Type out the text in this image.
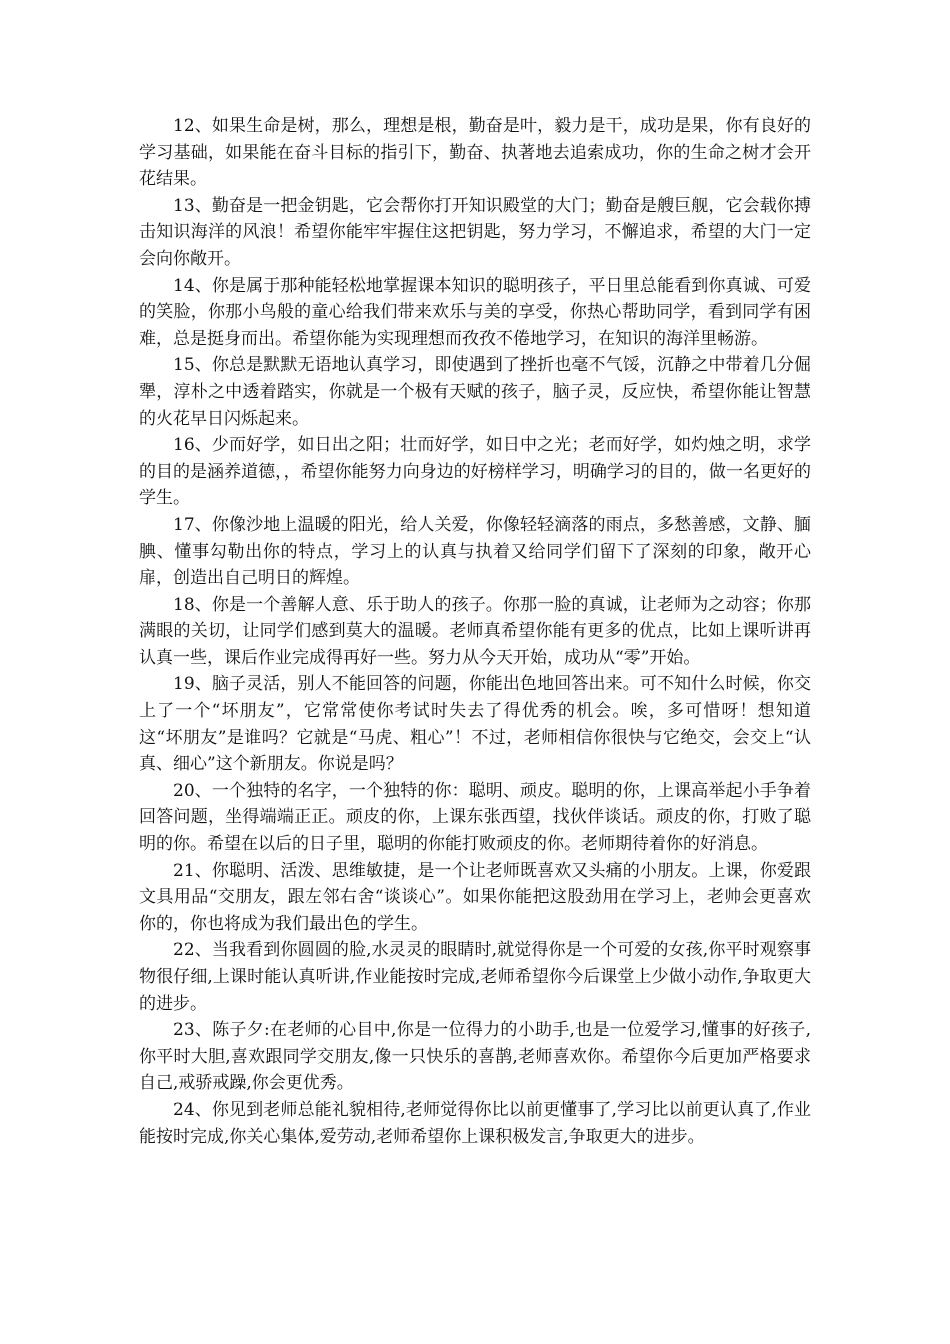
12、如果生命是树，那么，理想是根，勤奋是叶，毅力是干，成功是果，你有良好的学习基础，如果能在奋斗目标的指引下，勤奋、执著地去追索成功，你的生命之树才会开花结果。

13、勤奋是一把金钥匙，它会帮你打开知识殿堂的大门；勤奋是艘巨舰，它会载你搏击知识海洋的风浪！希望你能牢牢握住这把钥匙，努力学习，不懈追求，希望的大门一定会向你敞开。

14、你是属于那种能轻松地掌握课本知识的聪明孩子，平日里总能看到你真诚、可爱的笑脸，你那小鸟般的童心给我们带来欢乐与美的享受，你热心帮助同学，看到同学有困难，总是挺身而出。希望你能为实现理想而孜孜不倦地学习，在知识的海洋里畅游。

15、你总是默默无语地认真学习，即使遇到了挫折也毫不气馁，沉静之中带着几分倔犟，淳朴之中透着踏实，你就是一个极有天赋的孩子，脑子灵，反应快，希望你能让智慧的火花早日闪烁起来。

16、少而好学，如日出之阳；壮而好学，如日中之光；老而好学，如灼烛之明，求学的目的是涵养道德，，希望你能努力向身边的好榜样学习，明确学习的目的，做一名更好的学生。

17、你像沙地上温暖的阳光，给人关爱，你像轻轻滴落的雨点，多愁善感，文静、腼腆、懂事勾勒出你的特点，学习上的认真与执着又给同学们留下了深刻的印象，敞开心扉，创造出自己明日的辉煌。

18、你是一个善解人意、乐于助人的孩子。你那一脸的真诚，让老师为之动容；你那满眼的关切，让同学们感到莫大的温暖。老师真希望你能有更多的优点，比如上课听讲再认真一些，课后作业完成得再好一些。努力从今天开始，成功从“零”开始。

19、脑子灵活，别人不能回答的问题，你能出色地回答出来。可不知什么时候，你交上了一个“坏朋友”，它常常使你考试时失去了得优秀的机会。唉，多可惜呀！想知道这“坏朋友”是谁吗？它就是“马虎、粗心”！不过，老师相信你很快与它绝交，会交上“认真、细心”这个新朋友。你说是吗？

20、一个独特的名字，一个独特的你：聪明、顽皮。聪明的你，上课高举起小手争着回答问题，坐得端端正正。顽皮的你，上课东张西望，找伙伴谈话。顽皮的你，打败了聪明的你。希望在以后的日子里，聪明的你能打败顽皮的你。老师期待着你的好消息。

21、你聪明、活泼、思维敏捷，是一个让老师既喜欢又头痛的小朋友。上课，你爱跟文具用品“交朋友，跟左邻右舍“谈谈心”。如果你能把这股劲用在学习上，老帅会更喜欢你的，你也将成为我们最出色的学生。

22、当我看到你圆圆的脸,水灵灵的眼睛时,就觉得你是一个可爱的女孩,你平时观察事物很仔细,上课时能认真听讲,作业能按时完成,老师希望你今后课堂上少做小动作,争取更大的进步。

23、陈子夕:在老师的心目中,你是一位得力的小助手,也是一位爱学习,懂事的好孩子,你平时大胆,喜欢跟同学交朋友,像一只快乐的喜鹊,老师喜欢你。希望你今后更加严格要求自己,戒骄戒躁,你会更优秀。

24、你见到老师总能礼貌相待,老师觉得你比以前更懂事了,学习比以前更认真了,作业能按时完成,你关心集体,爱劳动,老师希望你上课积极发言,争取更大的进步。
